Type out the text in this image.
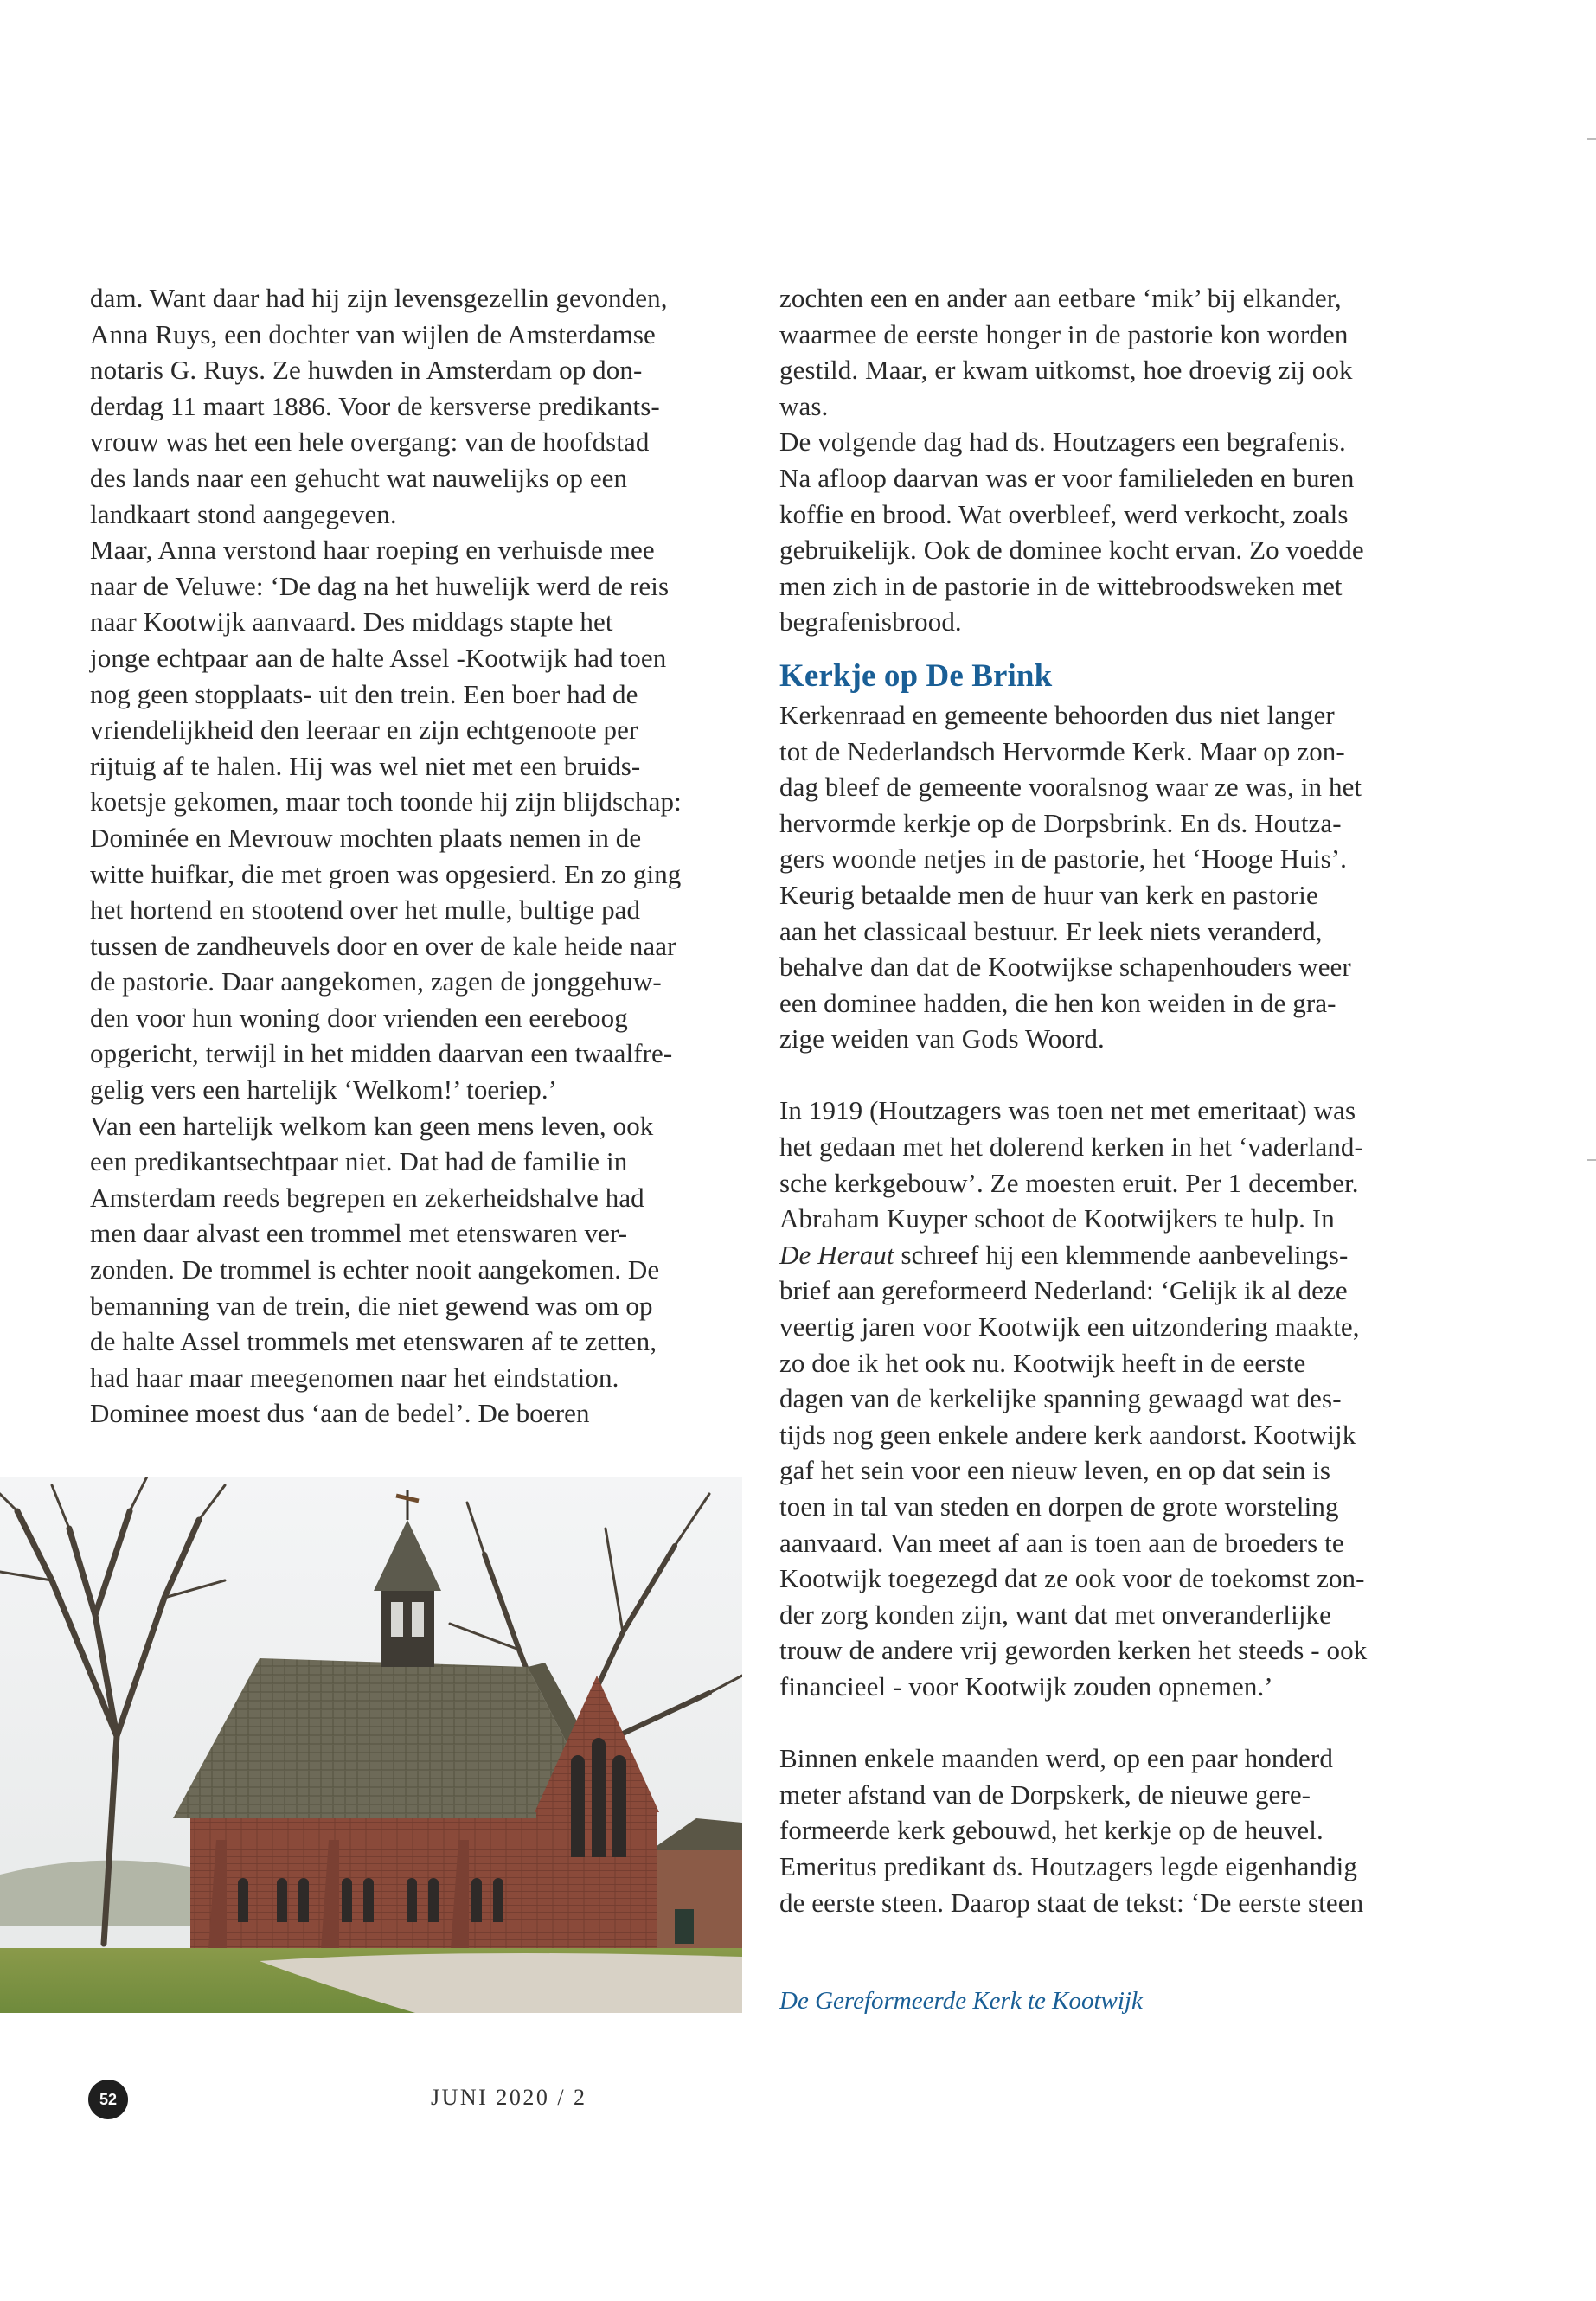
dam. Want daar had hij zijn levensgezellin gevonden,
Anna Ruys, een dochter van wijlen de Amsterdamse
notaris G. Ruys. Ze huwden in Amsterdam op don-
derdag 11 maart 1886. Voor de kersverse predikants-
vrouw was het een hele overgang: van de hoofdstad
des lands naar een gehucht wat nauwelijks op een
landkaart stond aangegeven.
Maar, Anna verstond haar roeping en verhuisde mee
naar de Veluwe: ‘De dag na het huwelijk werd de reis
naar Kootwijk aanvaard. Des middags stapte het
jonge echtpaar aan de halte Assel -Kootwijk had toen
nog geen stopplaats- uit den trein. Een boer had de
vriendelijkheid den leeraar en zijn echtgenoote per
rijtuig af te halen. Hij was wel niet met een bruids-
koetsje gekomen, maar toch toonde hij zijn blijdschap:
Dominée en Mevrouw mochten plaats nemen in de
witte huifkar, die met groen was opgesierd. En zo ging
het hortend en stootend over het mulle, bultige pad
tussen de zandheuvels door en over de kale heide naar
de pastorie. Daar aangekomen, zagen de jonggehuw-
den voor hun woning door vrienden een eereboog
opgericht, terwijl in het midden daarvan een twaalfre-
gelig vers een hartelijk ‘Welkom!’ toeriep.’
Van een hartelijk welkom kan geen mens leven, ook
een predikantsechtpaar niet. Dat had de familie in
Amsterdam reeds begrepen en zekerheidshalve had
men daar alvast een trommel met etenswaren ver-
zonden. De trommel is echter nooit aangekomen. De
bemanning van de trein, die niet gewend was om op
de halte Assel trommels met etenswaren af te zetten,
had haar maar meegenomen naar het eindstation.
Dominee moest dus ‘aan de bedel’. De boeren
zochten een en ander aan eetbare ‘mik’ bij elkander,
waarmee de eerste honger in de pastorie kon worden
gestild. Maar, er kwam uitkomst, hoe droevig zij ook
was.
De volgende dag had ds. Houtzagers een begrafenis.
Na afloop daarvan was er voor familieleden en buren
koffie en brood. Wat overbleef, werd verkocht, zoals
gebruikelijk. Ook de dominee kocht ervan. Zo voedde
men zich in de pastorie in de wittebroodsweken met
begrafenisbrood.
Kerkje op De Brink
Kerkenraad en gemeente behoorden dus niet langer
tot de Nederlandsch Hervormde Kerk. Maar op zon-
dag bleef de gemeente vooralsnog waar ze was, in het
hervormde kerkje op de Dorpsbrink. En ds. Houtza-
gers woonde netjes in de pastorie, het ‘Hooge Huis’.
Keurig betaalde men de huur van kerk en pastorie
aan het classicaal bestuur. Er leek niets veranderd,
behalve dan dat de Kootwijkse schapenhouders weer
een dominee hadden, die hen kon weiden in de gra-
zige weiden van Gods Woord.
In 1919 (Houtzagers was toen net met emeritaat) was
het gedaan met het dolerend kerken in het ‘vaderland-
sche kerkgebouw’. Ze moesten eruit. Per 1 december.
Abraham Kuyper schoot de Kootwijkers te hulp. In
De Heraut schreef hij een klemmende aanbevelings-
brief aan gereformeerd Nederland: ‘Gelijk ik al deze
veertig jaren voor Kootwijk een uitzondering maakte,
zo doe ik het ook nu. Kootwijk heeft in de eerste
dagen van de kerkelijke spanning gewaagd wat des-
tijds nog geen enkele andere kerk aandorst. Kootwijk
gaf het sein voor een nieuw leven, en op dat sein is
toen in tal van steden en dorpen de grote worsteling
aanvaard. Van meet af aan is toen aan de broeders te
Kootwijk toegezegd dat ze ook voor de toekomst zon-
der zorg konden zijn, want dat met onveranderlijke
trouw de andere vrij geworden kerken het steeds - ook
financieel - voor Kootwijk zouden opnemen.’
Binnen enkele maanden werd, op een paar honderd
meter afstand van de Dorpskerk, de nieuwe gere-
formeerde kerk gebouwd, het kerkje op de heuvel.
Emeritus predikant ds. Houtzagers legde eigenhandig
de eerste steen. Daarop staat de tekst: ‘De eerste steen
De Gereformeerde Kerk te Kootwijk
52	JUNI 2020 / 2
